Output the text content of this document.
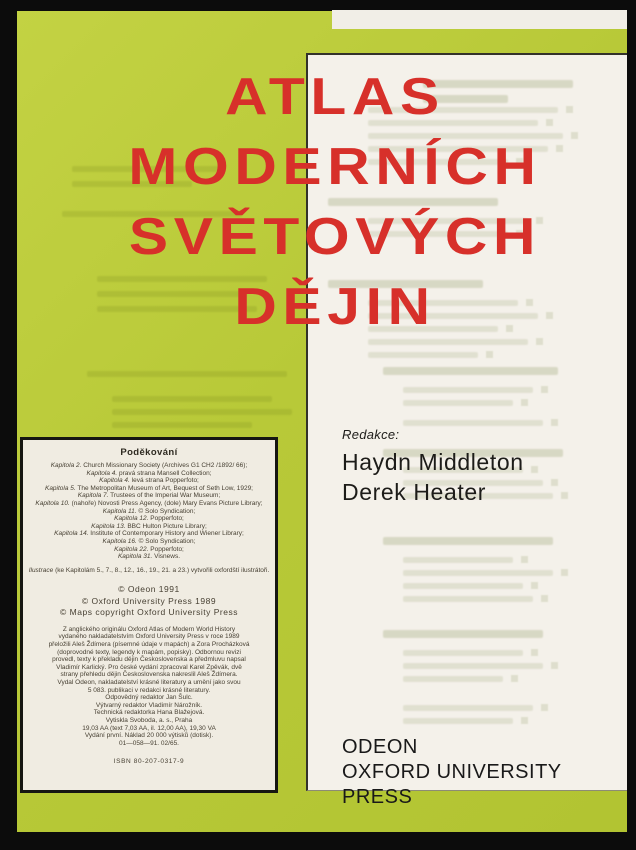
ATLAS
MODERNÍCH
SVĚTOVÝCH
DĚJIN
Redakce:
Haydn Middleton
Derek Heater
Poděkování
Kapitola 2. Church Missionary Society (Archives G1 CH2 /1892/ 66);
Kapitola 4. pravá strana Mansell Collection;
Kapitola 4. levá strana Popperfoto;
Kapitola 5. The Metropolitan Museum of Art, Bequest of Seth Low, 1929;
Kapitola 7. Trustees of the Imperial War Museum;
Kapitola 10. (nahoře) Novosti Press Agency, (dole) Mary Evans Picture Library;
Kapitola 11. © Solo Syndication;
Kapitola 12. Popperfoto;
Kapitola 13. BBC Hulton Picture Library;
Kapitola 14. Institute of Contemporary History and Wiener Library;
Kapitola 16. © Solo Syndication;
Kapitola 22. Popperfoto;
Kapitola 31. Visnews.
Ilustrace (ke Kapitolám 5., 7., 8., 12., 16., 19., 21. a 23.) vytvořili oxfordští ilustrátoři.
© Odeon 1991
© Oxford University Press 1989
© Maps copyright Oxford University Press
Z anglického originálu Oxford Atlas of Modern World History
vydaného nakladatelstvím Oxford University Press v roce 1989
přeložili Aleš Ždímera (písemné údaje v mapách) a Zora Procházková
(doprovodné texty, legendy k mapám, popisky). Odbornou revizi
provedl, texty k překladu dějin Československa a předmluvu napsal
Vladimír Karlický. Pro české vydání zpracoval Karel Zpěvák, dvě
strany přehledu dějin Československa nakreslil Aleš Ždímera.
Vydal Odeon, nakladatelství krásné literatury a umění jako svou
5 083. publikaci v redakci krásné literatury.
Odpovědný redaktor Jan Šulc.
Výtvarný redaktor Vladimír Nárožník.
Technická redaktorka Hana Blažejová.
Vytiskla Svoboda, a. s., Praha
19,03 AA (text 7,03 AA, il. 12,00 AA), 19,30 VA
Vydání první. Náklad 20 000 výtisků (dotisk).
01—058—91. 02/65.
ISBN 80-207-0317-9
ODEON
OXFORD UNIVERSITY PRESS
